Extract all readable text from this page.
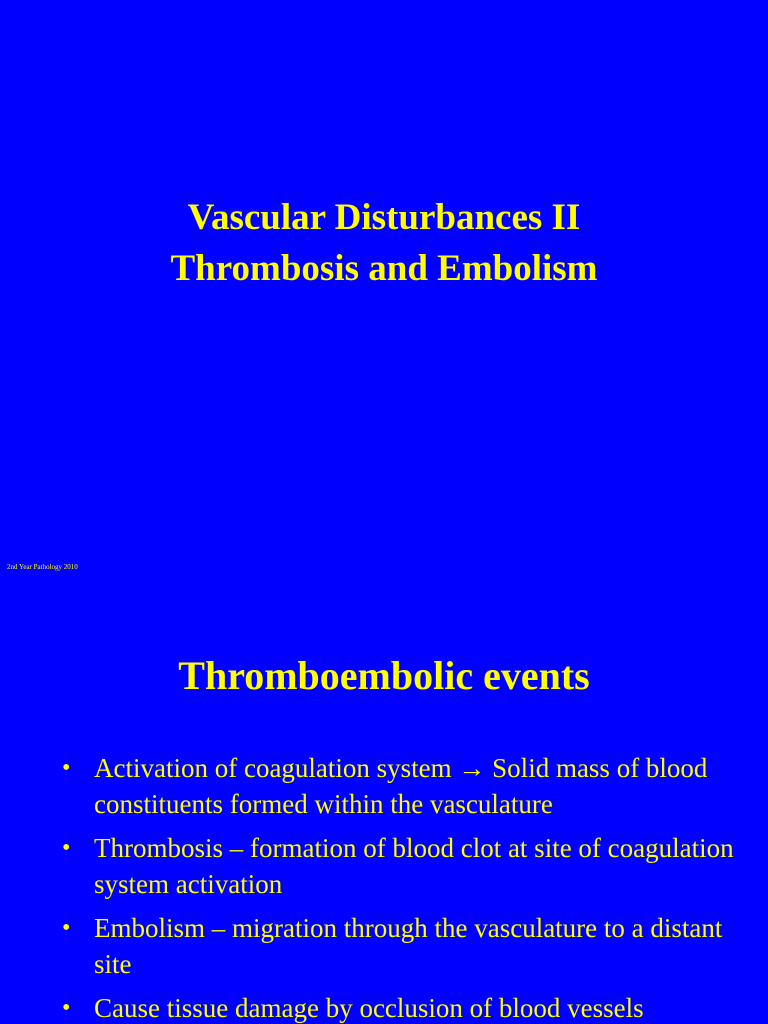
Vascular Disturbances II
Thrombosis and Embolism
2nd Year Pathology 2010
Thromboembolic events
• Activation of coagulation system → Solid mass of blood constituents formed within the vasculature
• Thrombosis – formation of blood clot at site of coagulation system activation
• Embolism – migration through the vasculature to a distant site
• Cause tissue damage by occlusion of blood vessels
